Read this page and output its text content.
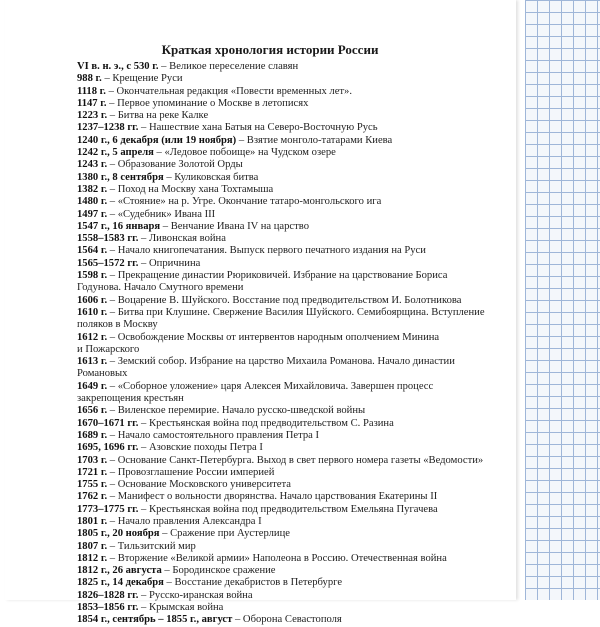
Краткая хронология истории России
VI в. н. э., с 530 г. – Великое переселение славян
988 г. – Крещение Руси
1118 г. – Окончательная редакция «Повести временных лет».
1147 г. – Первое упоминание о Москве в летописях
1223 г. – Битва на реке Калке
1237–1238 гг. – Нашествие хана Батыя на Северо-Восточную Русь
1240 г., 6 декабря (или 19 ноября) – Взятие монголо-татарами Киева
1242 г., 5 апреля – «Ледовое побоище» на Чудском озере
1243 г. – Образование Золотой Орды
1380 г., 8 сентября – Куликовская битва
1382 г. – Поход на Москву хана Тохтамыша
1480 г. – «Стояние» на р. Угре. Окончание татаро-монгольского ига
1497 г. – «Судебник» Ивана III
1547 г., 16 января – Венчание Ивана IV на царство
1558–1583 гг. – Ливонская война
1564 г. – Начало книгопечатания. Выпуск первого печатного издания на Руси
1565–1572 гг. – Опричнина
1598 г. – Прекращение династии Рюриковичей. Избрание на царствование Бориса
Годунова. Начало Смутного времени
1606 г. – Воцарение В. Шуйского. Восстание под предводительством И. Болотникова
1610 г. – Битва при Клушине. Свержение Василия Шуйского. Семибоярщина. Вступление
поляков в Москву
1612 г. – Освобождение Москвы от интервентов народным ополчением Минина
и Пожарского
1613 г. – Земский собор. Избрание на царство Михаила Романова. Начало династии
Романовых
1649 г. – «Соборное уложение» царя Алексея Михайловича. Завершен процесс
закрепощения крестьян
1656 г. – Виленское перемирие. Начало русско-шведской войны
1670–1671 гг. – Крестьянская война под предводительством С. Разина
1689 г. – Начало самостоятельного правления Петра I
1695, 1696 гг. – Азовские походы Петра I
1703 г. – Основание Санкт-Петербурга. Выход в свет первого номера газеты «Ведомости»
1721 г. – Провозглашение России империей
1755 г. – Основание Московского университета
1762 г. – Манифест о вольности дворянства. Начало царствования Екатерины II
1773–1775 гг. – Крестьянская война под предводительством Емельяна Пугачева
1801 г. – Начало правления Александра I
1805 г., 20 ноября – Сражение при Аустерлице
1807 г. – Тильзитский мир
1812 г. – Вторжение «Великой армии» Наполеона в Россию. Отечественная война
1812 г., 26 августа – Бородинское сражение
1825 г., 14 декабря – Восстание декабристов в Петербурге
1826–1828 гг. – Русско-иранская война
1853–1856 гг. – Крымская война
1854 г., сентябрь – 1855 г., август – Оборона Севастополя
